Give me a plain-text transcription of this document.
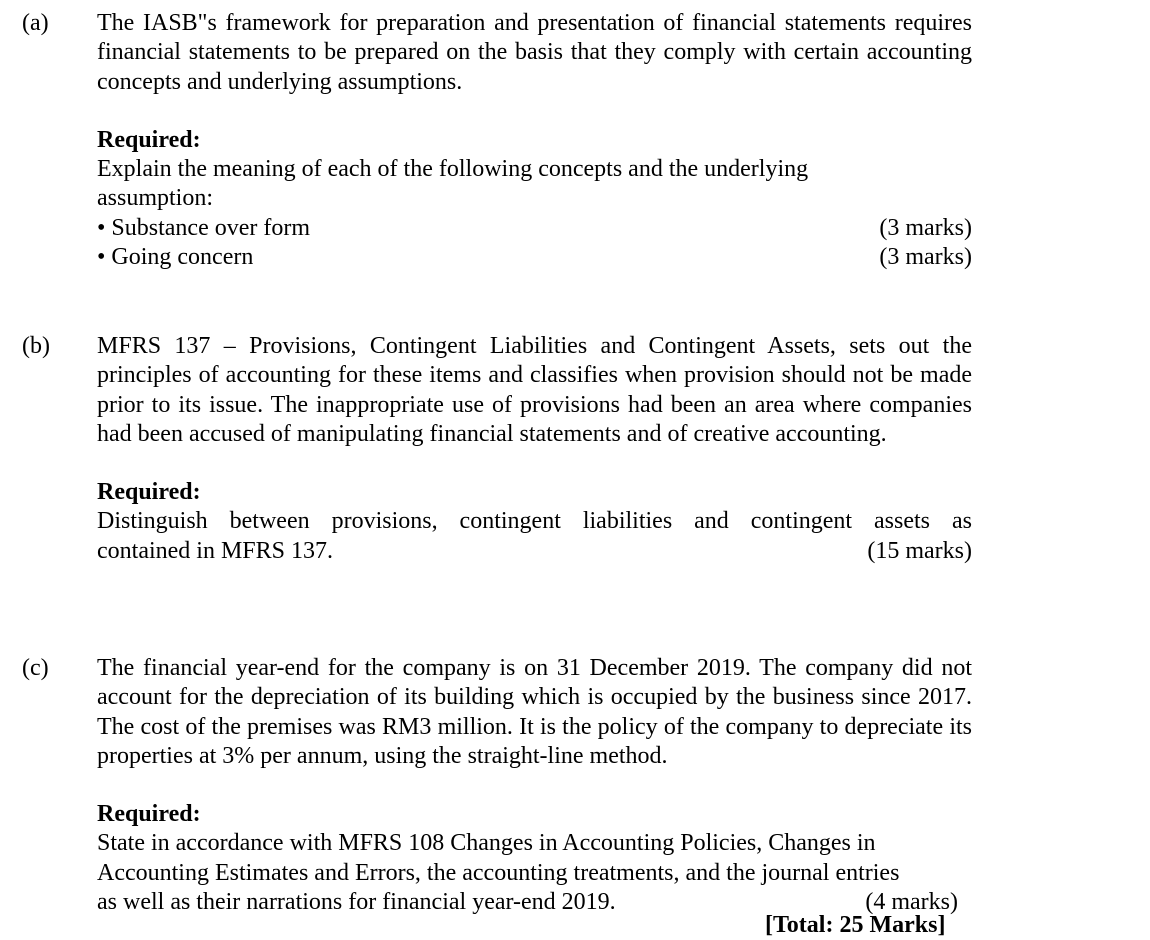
(a) The IASB"s framework for preparation and presentation of financial statements requires financial statements to be prepared on the basis that they comply with certain accounting concepts and underlying assumptions.

Required:

Explain the meaning of each of the following concepts and the underlying assumption:

• Substance over form	(3 marks)
• Going concern	(3 marks)
(b) MFRS 137 – Provisions, Contingent Liabilities and Contingent Assets, sets out the principles of accounting for these items and classifies when provision should not be made prior to its issue. The inappropriate use of provisions had been an area where companies had been accused of manipulating financial statements and of creative accounting.

Required:

Distinguish between provisions, contingent liabilities and contingent assets as
contained in MFRS 137.	(15 marks)
(c) The financial year-end for the company is on 31 December 2019. The company did not account for the depreciation of its building which is occupied by the business since 2017. The cost of the premises was RM3 million. It is the policy of the company to depreciate its properties at 3% per annum, using the straight-line method.

Required:

State in accordance with MFRS 108 Changes in Accounting Policies, Changes in
Accounting Estimates and Errors, the accounting treatments, and the journal entries
as well as their narrations for financial year-end 2019.	(4 marks)
[Total: 25 Marks]
